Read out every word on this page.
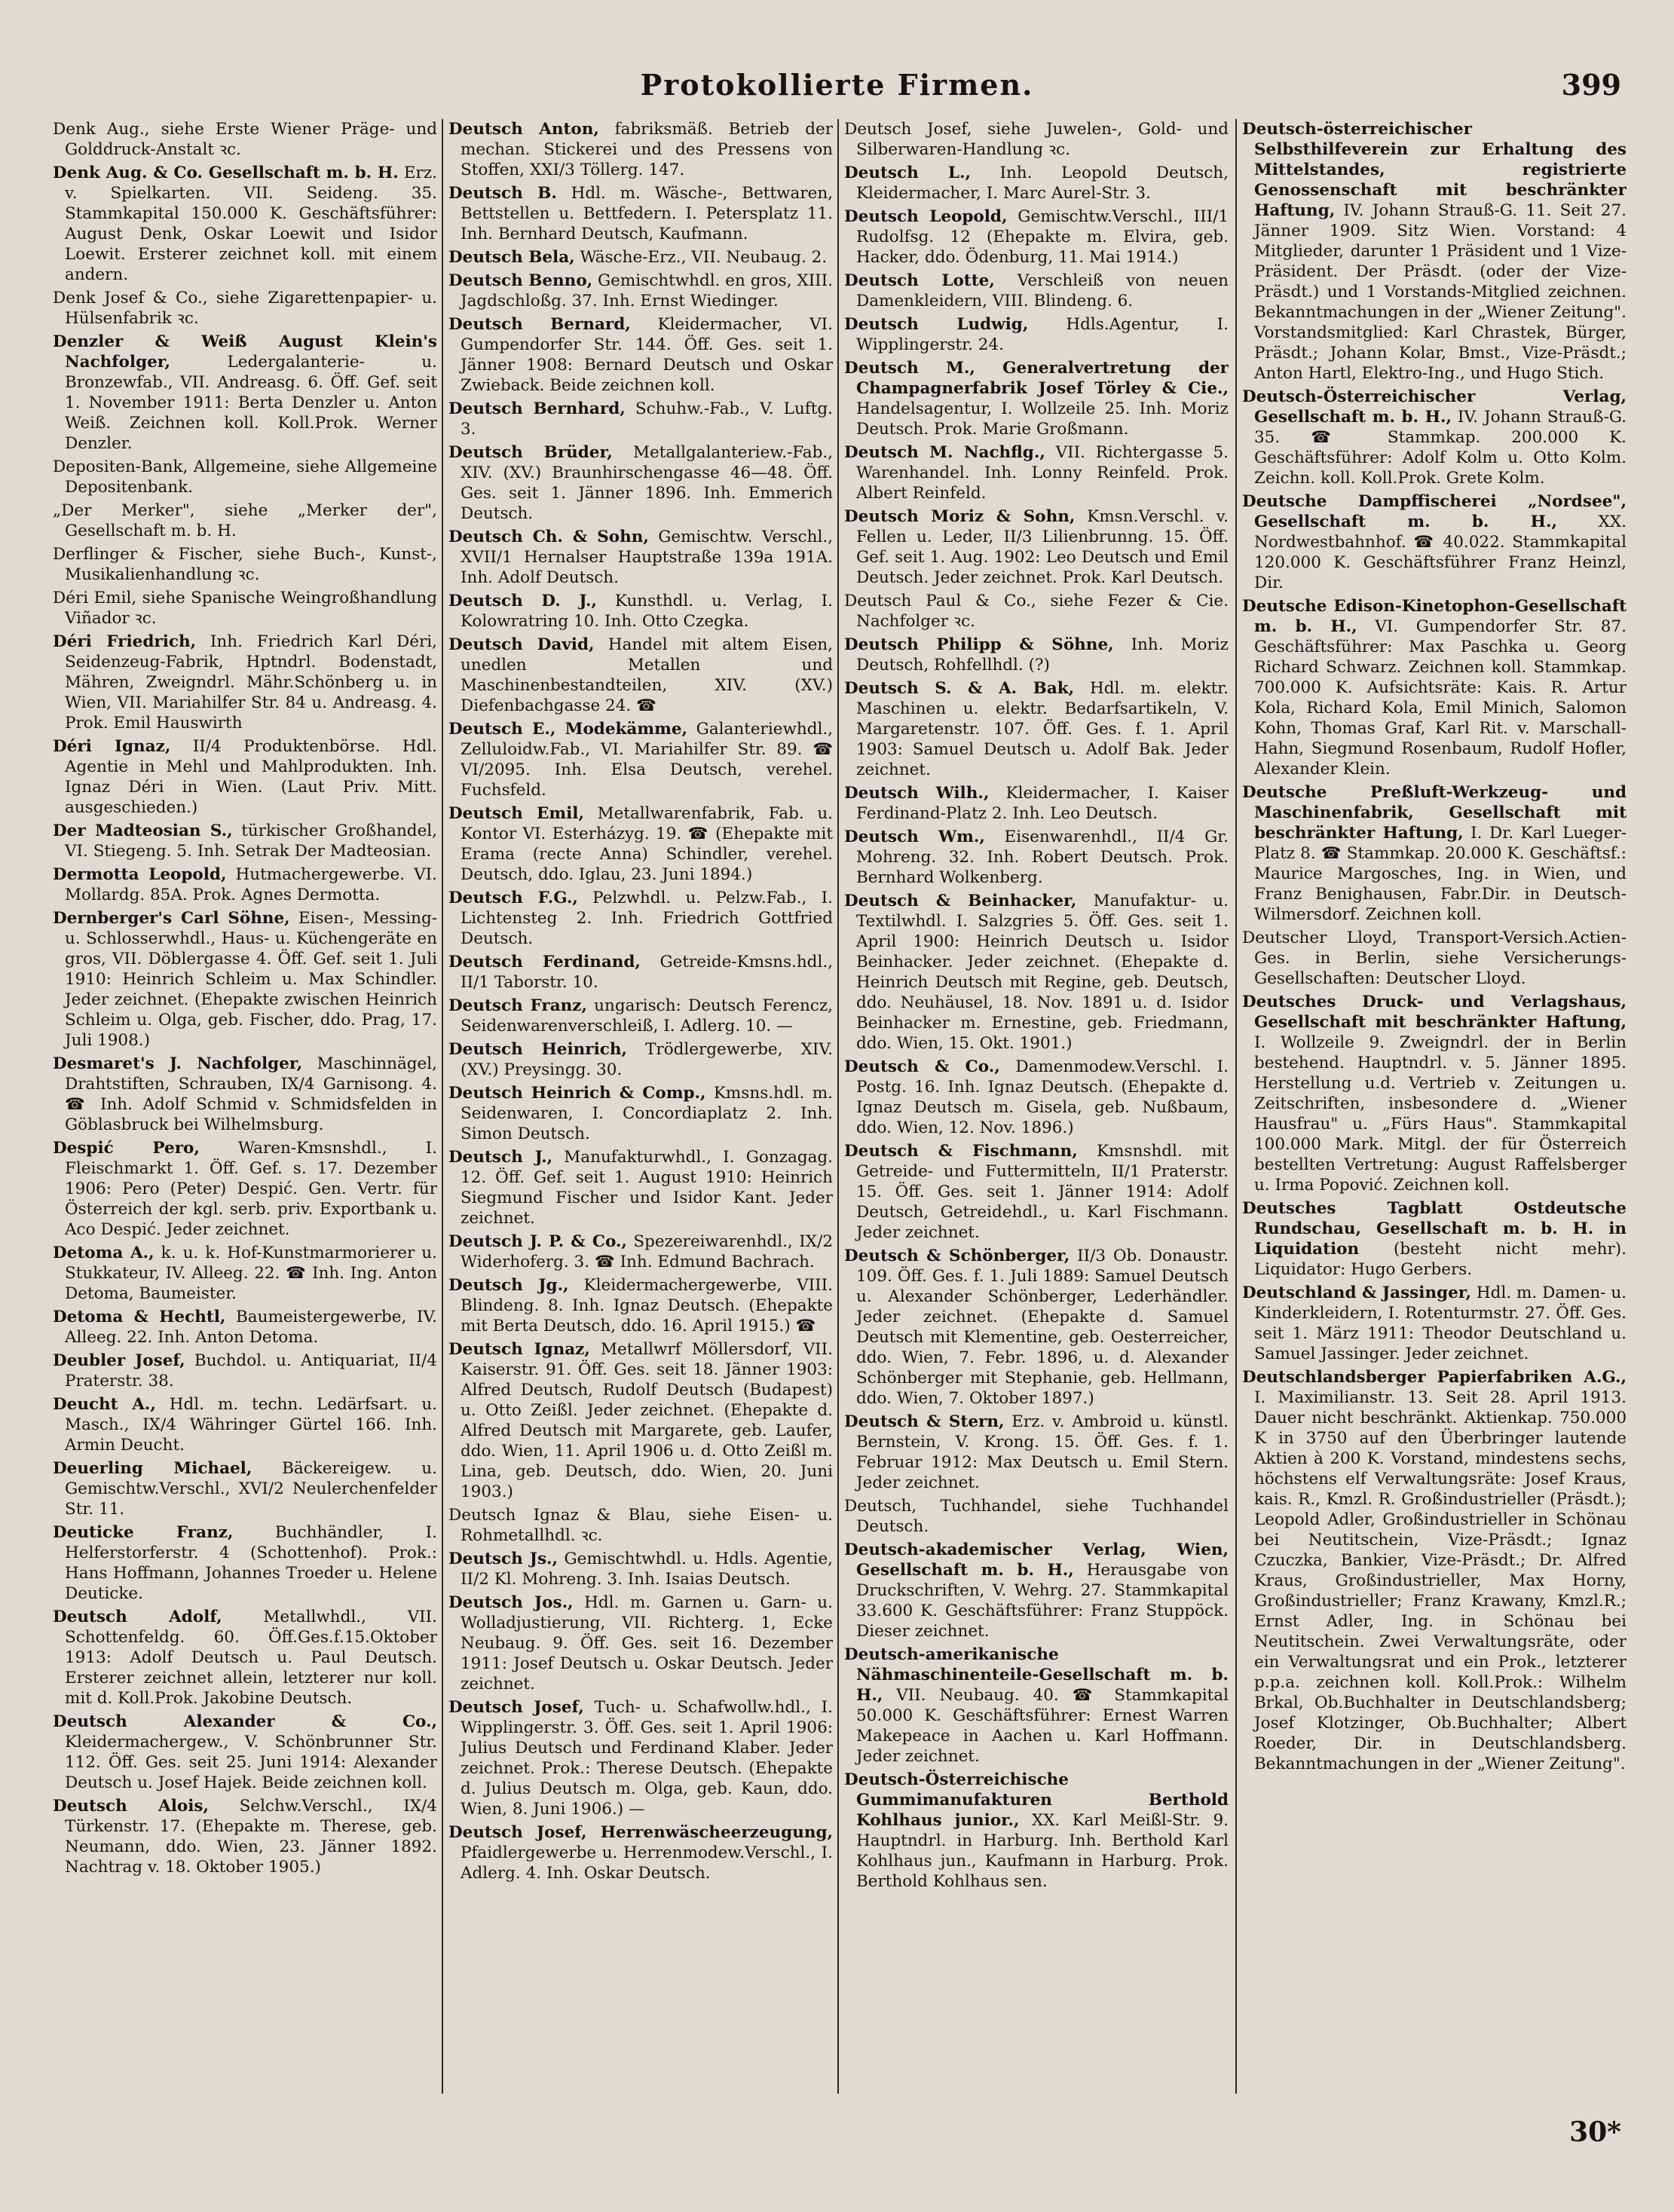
Protokollierte Firmen.	399

Denk Aug., siehe Erste Wiener Präge- und Golddruck-Anstalt ꝛc.

Denk Aug. & Co. Gesellschaft m. b. H. Erz. v. Spielkarten. VII. Seideng. 35. Stammkapital 150.000 K. Geschäftsführer: August Denk, Oskar Loewit und Isidor Loewit. Ersterer zeichnet koll. mit einem andern.

Denk Josef & Co., siehe Zigarettenpapier- u. Hülsenfabrik ꝛc.

Denzler & Weiß August Klein's Nachfolger, Ledergalanterie- u. Bronzewfab., VII. Andreasg. 6. Öff. Gef. seit 1. November 1911: Berta Denzler u. Anton Weiß. Zeichnen koll. Koll.Prok. Werner Denzler.

Depositen-Bank, Allgemeine, siehe Allgemeine Depositenbank.

„Der Merker", siehe „Merker der", Gesellschaft m. b. H.

Derflinger & Fischer, siehe Buch-, Kunst-, Musikalienhandlung ꝛc.

Déri Emil, siehe Spanische Weingroßhandlung Viñador ꝛc.

Déri Friedrich, Inh. Friedrich Karl Déri, Seidenzeug-Fabrik, Hptndrl. Bodenstadt, Mähren, Zweigndrl. Mähr.Schönberg u. in Wien, VII. Mariahilfer Str. 84 u. Andreasg. 4. Prok. Emil Hauswirth

Déri Ignaz, II/4 Produktenbörse. Hdl. Agentie in Mehl und Mahlprodukten. Inh. Ignaz Déri in Wien. (Laut Priv. Mitt. ausgeschieden.)

Der Madteosian S., türkischer Großhandel, VI. Stiegeng. 5. Inh. Setrak Der Madteosian.

Dermotta Leopold, Hutmachergewerbe. VI. Mollardg. 85A. Prok. Agnes Dermotta.

Dernberger's Carl Söhne, Eisen-, Messing- u. Schlosserwhdl., Haus- u. Küchengeräte en gros, VII. Döblergasse 4. Öff. Gef. seit 1. Juli 1910: Heinrich Schleim u. Max Schindler. Jeder zeichnet. (Ehepakte zwischen Heinrich Schleim u. Olga, geb. Fischer, ddo. Prag, 17. Juli 1908.)

Desmaret's J. Nachfolger, Maschinnägel, Drahtstiften, Schrauben, IX/4 Garnisong. 4. ☎ Inh. Adolf Schmid v. Schmidsfelden in Göblasbruck bei Wilhelmsburg.

Despić Pero, Waren-Kmsnshdl., I. Fleischmarkt 1. Öff. Gef. s. 17. Dezember 1906: Pero (Peter) Despić. Gen. Vertr. für Österreich der kgl. serb. priv. Exportbank u. Aco Despić. Jeder zeichnet.

Detoma A., k. u. k. Hof-Kunstmarmorierer u. Stukkateur, IV. Alleeg. 22. ☎ Inh. Ing. Anton Detoma, Baumeister.

Detoma & Hechtl, Baumeistergewerbe, IV. Alleeg. 22. Inh. Anton Detoma.

Deubler Josef, Buchdol. u. Antiquariat, II/4 Praterstr. 38.

Deucht A., Hdl. m. techn. Ledärfsart. u. Masch., IX/4 Währinger Gürtel 166. Inh. Armin Deucht.

Deuerling Michael, Bäckereigew. u. Gemischtw.Verschl., XVI/2 Neulerchenfelder Str. 11.

Deuticke Franz, Buchhändler, I. Helferstorferstr. 4 (Schottenhof). Prok.: Hans Hoffmann, Johannes Troeder u. Helene Deuticke.

Deutsch Adolf, Metallwhdl., VII. Schottenfeldg. 60. Öff.Ges.f.15.Oktober 1913: Adolf Deutsch u. Paul Deutsch. Ersterer zeichnet allein, letzterer nur koll. mit d. Koll.Prok. Jakobine Deutsch.

Deutsch Alexander & Co., Kleidermachergew., V. Schönbrunner Str. 112. Öff. Ges. seit 25. Juni 1914: Alexander Deutsch u. Josef Hajek. Beide zeichnen koll.

Deutsch Alois, Selchw.Verschl., IX/4 Türkenstr. 17. (Ehepakte m. Therese, geb. Neumann, ddo. Wien, 23. Jänner 1892. Nachtrag v. 18. Oktober 1905.)

Deutsch Anton, fabriksmäß. Betrieb der mechan. Stickerei und des Pressens von Stoffen, XXI/3 Töllerg. 147.

Deutsch B. Hdl. m. Wäsche-, Bettwaren, Bettstellen u. Bettfedern. I. Petersplatz 11. Inh. Bernhard Deutsch, Kaufmann.

Deutsch Bela, Wäsche-Erz., VII. Neubaug. 2.

Deutsch Benno, Gemischtwhdl. en gros, XIII. Jagdschloßg. 37. Inh. Ernst Wiedinger.

Deutsch Bernard, Kleidermacher, VI. Gumpendorfer Str. 144. Öff. Ges. seit 1. Jänner 1908: Bernard Deutsch und Oskar Zwieback. Beide zeichnen koll.

Deutsch Bernhard, Schuhw.-Fab., V. Luftg. 3.

Deutsch Brüder, Metallgalanteriew.-Fab., XIV. (XV.) Braunhirschengasse 46—48. Öff. Ges. seit 1. Jänner 1896. Inh. Emmerich Deutsch.

Deutsch Ch. & Sohn, Gemischtw. Verschl., XVII/1 Hernalser Hauptstraße 139a 191A. Inh. Adolf Deutsch.

Deutsch D. J., Kunsthdl. u. Verlag, I. Kolowratring 10. Inh. Otto Czegka.

Deutsch David, Handel mit altem Eisen, unedlen Metallen und Maschinenbestandteilen, XIV. (XV.) Diefenbachgasse 24. ☎

Deutsch E., Modekämme, Galanteriewhdl., Zelluloidw.Fab., VI. Mariahilfer Str. 89. ☎ VI/2095. Inh. Elsa Deutsch, verehel. Fuchsfeld.

Deutsch Emil, Metallwarenfabrik, Fab. u. Kontor VI. Esterházyg. 19. ☎ (Ehepakte mit Erama (recte Anna) Schindler, verehel. Deutsch, ddo. Iglau, 23. Juni 1894.)

Deutsch F.G., Pelzwhdl. u. Pelzw.Fab., I. Lichtensteg 2. Inh. Friedrich Gottfried Deutsch.

Deutsch Ferdinand, Getreide-Kmsns.hdl., II/1 Taborstr. 10.

Deutsch Franz, ungarisch: Deutsch Ferencz, Seidenwarenverschleiß, I. Adlerg. 10. —

Deutsch Heinrich, Trödlergewerbe, XIV. (XV.) Preysingg. 30.

Deutsch Heinrich & Comp., Kmsns.hdl. m. Seidenwaren, I. Concordiaplatz 2. Inh. Simon Deutsch.

Deutsch J., Manufakturwhdl., I. Gonzagag. 12. Öff. Gef. seit 1. August 1910: Heinrich Siegmund Fischer und Isidor Kant. Jeder zeichnet.

Deutsch J. P. & Co., Spezereiwarenhdl., IX/2 Widerhoferg. 3. ☎ Inh. Edmund Bachrach.

Deutsch Jg., Kleidermachergewerbe, VIII. Blindeng. 8. Inh. Ignaz Deutsch. (Ehepakte mit Berta Deutsch, ddo. 16. April 1915.) ☎

Deutsch Ignaz, Metallwrf Möllersdorf, VII. Kaiserstr. 91. Öff. Ges. seit 18. Jänner 1903: Alfred Deutsch, Rudolf Deutsch (Budapest) u. Otto Zeißl. Jeder zeichnet. (Ehepakte d. Alfred Deutsch mit Margarete, geb. Laufer, ddo. Wien, 11. April 1906 u. d. Otto Zeißl m. Lina, geb. Deutsch, ddo. Wien, 20. Juni 1903.)

Deutsch Ignaz & Blau, siehe Eisen- u. Rohmetallhdl. ꝛc.

Deutsch Js., Gemischtwhdl. u. Hdls. Agentie, II/2 Kl. Mohreng. 3. Inh. Isaias Deutsch.

Deutsch Jos., Hdl. m. Garnen u. Garn- u. Wolladjustierung, VII. Richterg. 1, Ecke Neubaug. 9. Öff. Ges. seit 16. Dezember 1911: Josef Deutsch u. Oskar Deutsch. Jeder zeichnet.

Deutsch Josef, Tuch- u. Schafwollw.hdl., I. Wipplingerstr. 3. Öff. Ges. seit 1. April 1906: Julius Deutsch und Ferdinand Klaber. Jeder zeichnet. Prok.: Therese Deutsch. (Ehepakte d. Julius Deutsch m. Olga, geb. Kaun, ddo. Wien, 8. Juni 1906.) —

Deutsch Josef, Herrenwäscheerzeugung, Pfaidlergewerbe u. Herrenmodew.Verschl., I. Adlerg. 4. Inh. Oskar Deutsch.

Deutsch Josef, siehe Juwelen-, Gold- und Silberwaren-Handlung ꝛc.

Deutsch L., Inh. Leopold Deutsch, Kleidermacher, I. Marc Aurel-Str. 3.

Deutsch Leopold, Gemischtw.Verschl., III/1 Rudolfsg. 12 (Ehepakte m. Elvira, geb. Hacker, ddo. Ödenburg, 11. Mai 1914.)

Deutsch Lotte, Verschleiß von neuen Damenkleidern, VIII. Blindeng. 6.

Deutsch Ludwig, Hdls.Agentur, I. Wipplingerstr. 24.

Deutsch M., Generalvertretung der Champagnerfabrik Josef Törley & Cie., Handelsagentur, I. Wollzeile 25. Inh. Moriz Deutsch. Prok. Marie Großmann.

Deutsch M. Nachflg., VII. Richtergasse 5. Warenhandel. Inh. Lonny Reinfeld. Prok. Albert Reinfeld.

Deutsch Moriz & Sohn, Kmsn.Verschl. v. Fellen u. Leder, II/3 Lilienbrunng. 15. Öff. Gef. seit 1. Aug. 1902: Leo Deutsch und Emil Deutsch. Jeder zeichnet. Prok. Karl Deutsch.

Deutsch Paul & Co., siehe Fezer & Cie. Nachfolger ꝛc.

Deutsch Philipp & Söhne, Inh. Moriz Deutsch, Rohfellhdl. (?)

Deutsch S. & A. Bak, Hdl. m. elektr. Maschinen u. elektr. Bedarfsartikeln, V. Margaretenstr. 107. Öff. Ges. f. 1. April 1903: Samuel Deutsch u. Adolf Bak. Jeder zeichnet.

Deutsch Wilh., Kleidermacher, I. Kaiser Ferdinand-Platz 2. Inh. Leo Deutsch.

Deutsch Wm., Eisenwarenhdl., II/4 Gr. Mohreng. 32. Inh. Robert Deutsch. Prok. Bernhard Wolkenberg.

Deutsch & Beinhacker, Manufaktur- u. Textilwhdl. I. Salzgries 5. Öff. Ges. seit 1. April 1900: Heinrich Deutsch u. Isidor Beinhacker. Jeder zeichnet. (Ehepakte d. Heinrich Deutsch mit Regine, geb. Deutsch, ddo. Neuhäusel, 18. Nov. 1891 u. d. Isidor Beinhacker m. Ernestine, geb. Friedmann, ddo. Wien, 15. Okt. 1901.)

Deutsch & Co., Damenmodew.Verschl. I. Postg. 16. Inh. Ignaz Deutsch. (Ehepakte d. Ignaz Deutsch m. Gisela, geb. Nußbaum, ddo. Wien, 12. Nov. 1896.)

Deutsch & Fischmann, Kmsnshdl. mit Getreide- und Futtermitteln, II/1 Praterstr. 15. Öff. Ges. seit 1. Jänner 1914: Adolf Deutsch, Getreidehdl., u. Karl Fischmann. Jeder zeichnet.

Deutsch & Schönberger, II/3 Ob. Donaustr. 109. Öff. Ges. f. 1. Juli 1889: Samuel Deutsch u. Alexander Schönberger, Lederhändler. Jeder zeichnet. (Ehepakte d. Samuel Deutsch mit Klementine, geb. Oesterreicher, ddo. Wien, 7. Febr. 1896, u. d. Alexander Schönberger mit Stephanie, geb. Hellmann, ddo. Wien, 7. Oktober 1897.)

Deutsch & Stern, Erz. v. Ambroid u. künstl. Bernstein, V. Krong. 15. Öff. Ges. f. 1. Februar 1912: Max Deutsch u. Emil Stern. Jeder zeichnet.

Deutsch, Tuchhandel, siehe Tuchhandel Deutsch.

Deutsch-akademischer Verlag, Wien, Gesellschaft m. b. H., Herausgabe von Druckschriften, V. Wehrg. 27. Stammkapital 33.600 K. Geschäftsführer: Franz Stuppöck. Dieser zeichnet.

Deutsch-amerikanische Nähmaschinenteile-Gesellschaft m. b. H., VII. Neubaug. 40. ☎ Stammkapital 50.000 K. Geschäftsführer: Ernest Warren Makepeace in Aachen u. Karl Hoffmann. Jeder zeichnet.

Deutsch-Österreichische Gummimanufakturen Berthold Kohlhaus junior., XX. Karl Meißl-Str. 9. Hauptndrl. in Harburg. Inh. Berthold Karl Kohlhaus jun., Kaufmann in Harburg. Prok. Berthold Kohlhaus sen.

Deutsch-österreichischer Selbsthilfeverein zur Erhaltung des Mittelstandes, registrierte Genossenschaft mit beschränkter Haftung, IV. Johann Strauß-G. 11. Seit 27. Jänner 1909. Sitz Wien. Vorstand: 4 Mitglieder, darunter 1 Präsident und 1 Vize-Präsident. Der Präsdt. (oder der Vize-Präsdt.) und 1 Vorstands-Mitglied zeichnen. Bekanntmachungen in der „Wiener Zeitung". Vorstandsmitglied: Karl Chrastek, Bürger, Präsdt.; Johann Kolar, Bmst., Vize-Präsdt.; Anton Hartl, Elektro-Ing., und Hugo Stich.

Deutsch-Österreichischer Verlag, Gesellschaft m. b. H., IV. Johann Strauß-G. 35. ☎ Stammkap. 200.000 K. Geschäftsführer: Adolf Kolm u. Otto Kolm. Zeichn. koll. Koll.Prok. Grete Kolm.

Deutsche Dampffischerei „Nordsee", Gesellschaft m. b. H., XX. Nordwestbahnhof. ☎ 40.022. Stammkapital 120.000 K. Geschäftsführer Franz Heinzl, Dir.

Deutsche Edison-Kinetophon-Gesellschaft m. b. H., VI. Gumpendorfer Str. 87. Geschäftsführer: Max Paschka u. Georg Richard Schwarz. Zeichnen koll. Stammkap. 700.000 K. Aufsichtsräte: Kais. R. Artur Kola, Richard Kola, Emil Minich, Salomon Kohn, Thomas Graf, Karl Rit. v. Marschall-Hahn, Siegmund Rosenbaum, Rudolf Hofler, Alexander Klein.

Deutsche Preßluft-Werkzeug- und Maschinenfabrik, Gesellschaft mit beschränkter Haftung, I. Dr. Karl Lueger-Platz 8. ☎ Stammkap. 20.000 K. Geschäftsf.: Maurice Margosches, Ing. in Wien, und Franz Benighausen, Fabr.Dir. in Deutsch-Wilmersdorf. Zeichnen koll.

Deutscher Lloyd, Transport-Versich.Actien-Ges. in Berlin, siehe Versicherungs-Gesellschaften: Deutscher Lloyd.

Deutsches Druck- und Verlagshaus, Gesellschaft mit beschränkter Haftung, I. Wollzeile 9. Zweigndrl. der in Berlin bestehend. Hauptndrl. v. 5. Jänner 1895. Herstellung u.d. Vertrieb v. Zeitungen u. Zeitschriften, insbesondere d. „Wiener Hausfrau" u. „Fürs Haus". Stammkapital 100.000 Mark. Mitgl. der für Österreich bestellten Vertretung: August Raffelsberger u. Irma Popović. Zeichnen koll.

Deutsches Tagblatt Ostdeutsche Rundschau, Gesellschaft m. b. H. in Liquidation (besteht nicht mehr). Liquidator: Hugo Gerbers.

Deutschland & Jassinger, Hdl. m. Damen- u. Kinderkleidern, I. Rotenturmstr. 27. Öff. Ges. seit 1. März 1911: Theodor Deutschland u. Samuel Jassinger. Jeder zeichnet.

Deutschlandsberger Papierfabriken A.G., I. Maximilianstr. 13. Seit 28. April 1913. Dauer nicht beschränkt. Aktienkap. 750.000 K in 3750 auf den Überbringer lautende Aktien à 200 K. Vorstand, mindestens sechs, höchstens elf Verwaltungsräte: Josef Kraus, kais. R., Kmzl. R. Großindustrieller (Präsdt.); Leopold Adler, Großindustrieller in Schönau bei Neutitschein, Vize-Präsdt.; Ignaz Czuczka, Bankier, Vize-Präsdt.; Dr. Alfred Kraus, Großindustrieller, Max Horny, Großindustrieller; Franz Krawany, Kmzl.R.; Ernst Adler, Ing. in Schönau bei Neutitschein. Zwei Verwaltungsräte, oder ein Verwaltungsrat und ein Prok., letzterer p.p.a. zeichnen koll. Koll.Prok.: Wilhelm Brkal, Ob.Buchhalter in Deutschlandsberg; Josef Klotzinger, Ob.Buchhalter; Albert Roeder, Dir. in Deutschlandsberg. Bekanntmachungen in der „Wiener Zeitung".

30*
